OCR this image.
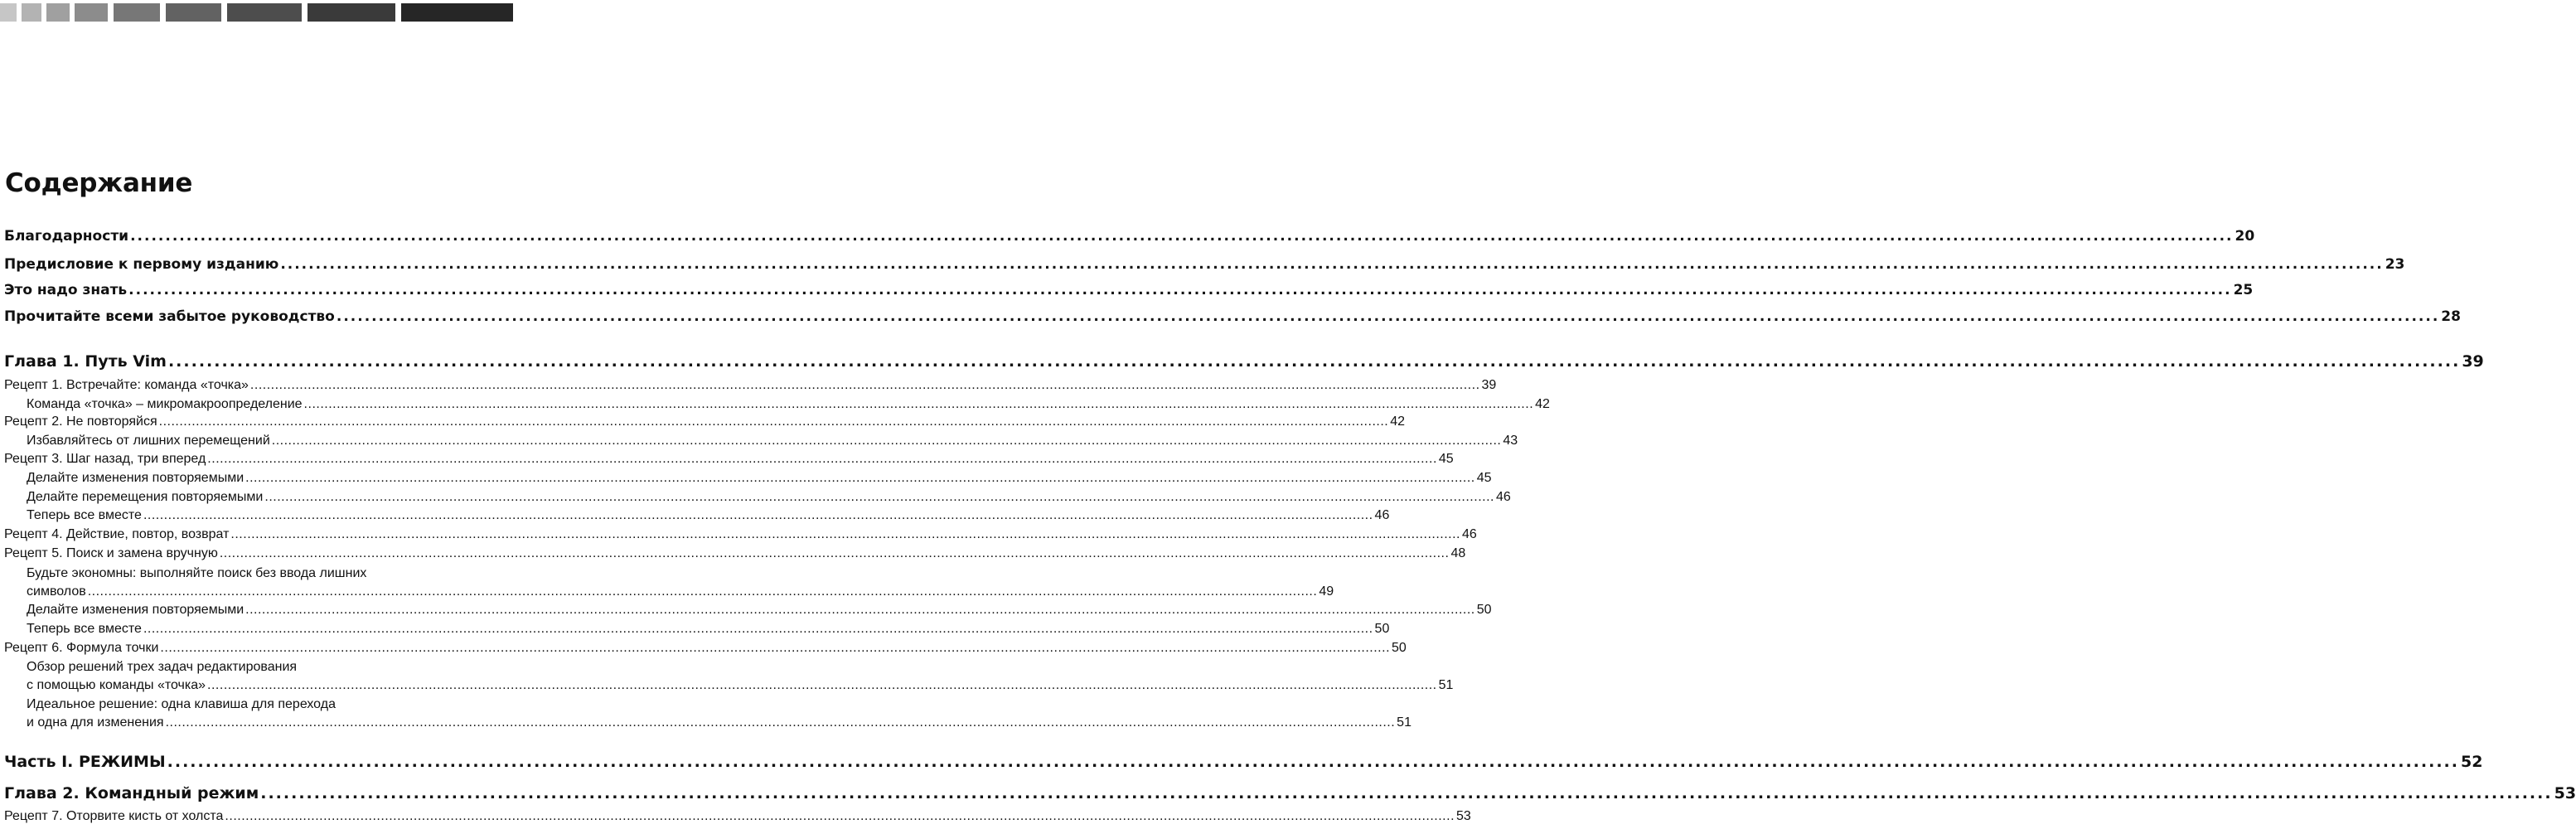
Содержание
Благодарности ............................................................................................................................................................................................................................................................................................................ 20
Предисловие к первому изданию ............................................................................................................................................................................................................................................................................................................ 23
Это надо знать ............................................................................................................................................................................................................................................................................................................ 25
Прочитайте всеми забытое руководство ............................................................................................................................................................................................................................................................................................................ 28
Глава 1. Путь Vim ............................................................................................................................................................................................................................................................................................................ 39
Рецепт 1. Встречайте: команда «точка» ............................................................................................................................................................................................................................................................................................................ 39
Команда «точка» – микромакроопределение ............................................................................................................................................................................................................................................................................................................ 42
Рецепт 2. Не повторяйся ............................................................................................................................................................................................................................................................................................................ 42
Избавляйтесь от лишних перемещений ............................................................................................................................................................................................................................................................................................................ 43
Рецепт 3. Шаг назад, три вперед ............................................................................................................................................................................................................................................................................................................ 45
Делайте изменения повторяемыми ............................................................................................................................................................................................................................................................................................................ 45
Делайте перемещения повторяемыми ............................................................................................................................................................................................................................................................................................................ 46
Теперь все вместе ............................................................................................................................................................................................................................................................................................................ 46
Рецепт 4. Действие, повтор, возврат ............................................................................................................................................................................................................................................................................................................ 46
Рецепт 5. Поиск и замена вручную ............................................................................................................................................................................................................................................................................................................ 48
Будьте экономны: выполняйте поиск без ввода лишних
символов ............................................................................................................................................................................................................................................................................................................ 49
Делайте изменения повторяемыми ............................................................................................................................................................................................................................................................................................................ 50
Теперь все вместе ............................................................................................................................................................................................................................................................................................................ 50
Рецепт 6. Формула точки ............................................................................................................................................................................................................................................................................................................ 50
Обзор решений трех задач редактирования
с помощью команды «точка» ............................................................................................................................................................................................................................................................................................................ 51
Идеальное решение: одна клавиша для перехода
и одна для изменения ............................................................................................................................................................................................................................................................................................................ 51
Часть I. РЕЖИМЫ ............................................................................................................................................................................................................................................................................................................ 52
Глава 2. Командный режим ............................................................................................................................................................................................................................................................................................................ 53
Рецепт 7. Оторвите кисть от холста ............................................................................................................................................................................................................................................................................................................ 53
